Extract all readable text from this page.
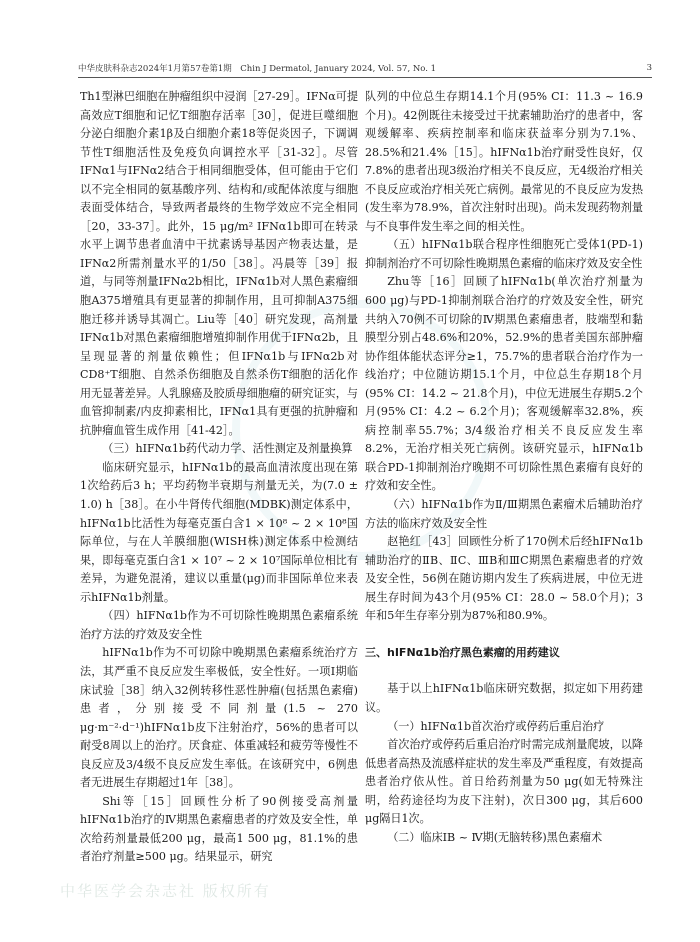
中华皮肤科杂志2024年1月第57卷第1期　Chin J Dermatol, January 2024, Vol. 57, No. 1	3

Th1型淋巴细胞在肿瘤组织中浸润［27-29］。IFNα可提高效应T细胞和记忆T细胞存活率［30］，促进巨噬细胞分泌白细胞介素1β及白细胞介素18等促炎因子，下调调节性T细胞活性及免疫负向调控水平［31-32］。尽管IFNα1与IFNα2结合于相同细胞受体，但可能由于它们以不完全相同的氨基酸序列、结构和/或配体浓度与细胞表面受体结合，导致两者最终的生物学效应不完全相同［20，33-37］。此外，15 μg/m² IFNα1b即可在转录水平上调节患者血清中干扰素诱导基因产物表达量，是IFNα2所需剂量水平的1/50［38］。冯晨等［39］报道，与同等剂量IFNα2b相比，IFNα1b对人黑色素瘤细胞A375增殖具有更显著的抑制作用，且可抑制A375细胞迁移并诱导其凋亡。Liu等［40］研究发现，高剂量IFNα1b对黑色素瘤细胞增殖抑制作用优于IFNα2b，且呈现显著的剂量依赖性；但IFNα1b与IFNα2b对CD8⁺T细胞、自然杀伤细胞及自然杀伤T细胞的活化作用无显著差异。人乳腺癌及胶质母细胞瘤的研究证实，与血管抑制素/内皮抑素相比，IFNα1具有更强的抗肿瘤和抗肿瘤血管生成作用［41-42］。

（三）hIFNα1b药代动力学、活性测定及剂量换算

临床研究显示，hIFNα1b的最高血清浓度出现在第1次给药后3 h；平均药物半衰期与剂量无关，为(7.0 ± 1.0) h［38］。在小牛肾传代细胞(MDBK)测定体系中，hIFNα1b比活性为每毫克蛋白含1 × 10⁸ ~ 2 × 10⁸国际单位，与在人羊膜细胞(WISH株)测定体系中检测结果，即每毫克蛋白含1 × 10⁷ ~ 2 × 10⁷国际单位相比有差异，为避免混淆，建议以重量(μg)而非国际单位来表示hIFNα1b剂量。

（四）hIFNα1b作为不可切除性晚期黑色素瘤系统治疗方法的疗效及安全性

hIFNα1b作为不可切除中晚期黑色素瘤系统治疗方法，其严重不良反应发生率极低，安全性好。一项Ⅰ期临床试验［38］纳入32例转移性恶性肿瘤(包括黑色素瘤)患者，分别接受不同剂量(1.5 ~ 270 μg·m⁻²·d⁻¹)hIFNα1b皮下注射治疗，56%的患者可以耐受8周以上的治疗。厌食症、体重减轻和疲劳等慢性不良反应及3/4级不良反应发生率低。在该研究中，6例患者无进展生存期超过1年［38］。

Shi等［15］回顾性分析了90例接受高剂量hIFNα1b治疗的Ⅳ期黑色素瘤患者的疗效及安全性，单次给药剂量最低200 μg，最高1 500 μg，81.1%的患者治疗剂量≥500 μg。结果显示，研究

队列的中位总生存期14.1个月(95% CI：11.3 ~ 16.9个月)。42例既往未接受过干扰素辅助治疗的患者中，客观缓解率、疾病控制率和临床获益率分别为7.1%、28.5%和21.4%［15］。hIFNα1b治疗耐受性良好，仅7.8%的患者出现3级治疗相关不良反应，无4级治疗相关不良反应或治疗相关死亡病例。最常见的不良反应为发热(发生率为78.9%，首次注射时出现)。尚未发现药物剂量与不良事件发生率之间的相关性。

（五）hIFNα1b联合程序性细胞死亡受体1(PD-1)抑制剂治疗不可切除性晚期黑色素瘤的临床疗效及安全性

Zhu等［16］回顾了hIFNα1b(单次治疗剂量为600 μg)与PD-1抑制剂联合治疗的疗效及安全性，研究共纳入70例不可切除的Ⅳ期黑色素瘤患者，肢端型和黏膜型分别占48.6%和20%，52.9%的患者美国东部肿瘤协作组体能状态评分≥1，75.7%的患者联合治疗作为一线治疗；中位随访期15.1个月，中位总生存期18个月(95% CI：14.2 ~ 21.8个月)，中位无进展生存期5.2个月(95% CI：4.2 ~ 6.2个月)；客观缓解率32.8%，疾病控制率55.7%；3/4级治疗相关不良反应发生率8.2%，无治疗相关死亡病例。该研究显示，hIFNα1b联合PD-1抑制剂治疗晚期不可切除性黑色素瘤有良好的疗效和安全性。

（六）hIFNα1b作为Ⅱ/Ⅲ期黑色素瘤术后辅助治疗方法的临床疗效及安全性

赵艳红［43］回顾性分析了170例术后经hIFNα1b辅助治疗的ⅡB、ⅡC、ⅢB和ⅢC期黑色素瘤患者的疗效及安全性，56例在随访期内发生了疾病进展，中位无进展生存时间为43个月(95% CI：28.0 ~ 58.0个月)；3年和5年生存率分别为87%和80.9%。

三、hIFNα1b治疗黑色素瘤的用药建议

基于以上hIFNα1b临床研究数据，拟定如下用药建议。

（一）hIFNα1b首次治疗或停药后重启治疗

首次治疗或停药后重启治疗时需完成剂量爬坡，以降低患者高热及流感样症状的发生率及严重程度，有效提高患者治疗依从性。首日给药剂量为50 μg(如无特殊注明，给药途径均为皮下注射)，次日300 μg，其后600 μg隔日1次。

（二）临床ⅠB ~ Ⅳ期(无脑转移)黑色素瘤术

中华医学会杂志社 版权所有
